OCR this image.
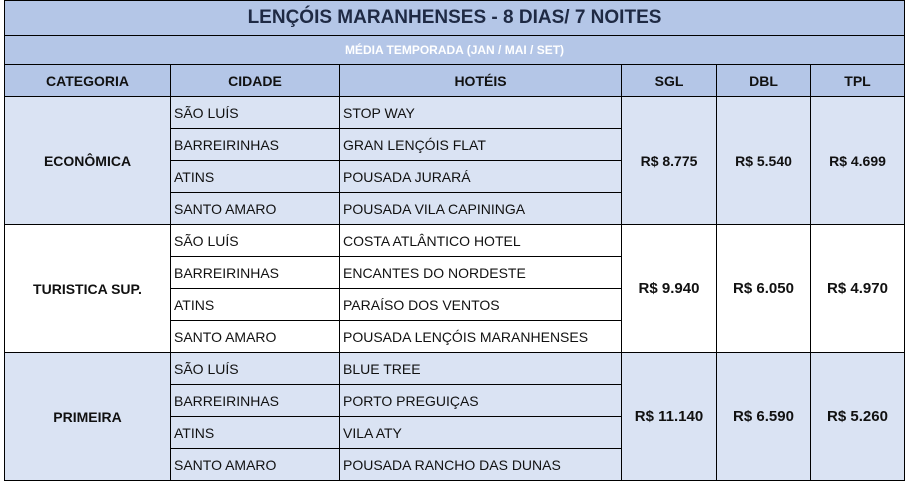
LENÇÓIS MARANHENSES - 8 DIAS/ 7 NOITES					
MÉDIA TEMPORADA (JAN / MAI / SET)					
CATEGORIA	CIDADE	HOTÉIS	SGL	DBL	TPL
ECONÔMICA	SÃO LUÍS	STOP WAY	R$ 8.775	R$ 5.540	R$ 4.699
	BARREIRINHAS	GRAN LENÇÓIS FLAT			
	ATINS	POUSADA JURARÁ			
	SANTO AMARO	POUSADA VILA CAPININGA			
TURISTICA SUP.	SÃO LUÍS	COSTA ATLÂNTICO HOTEL	R$ 9.940	R$ 6.050	R$ 4.970
	BARREIRINHAS	ENCANTES DO NORDESTE			
	ATINS	PARAÍSO DOS VENTOS			
	SANTO AMARO	POUSADA LENÇÓIS MARANHENSES			
PRIMEIRA	SÃO LUÍS	BLUE TREE	R$ 11.140	R$ 6.590	R$ 5.260
	BARREIRINHAS	PORTO PREGUIÇAS			
	ATINS	VILA ATY			
	SANTO AMARO	POUSADA RANCHO DAS DUNAS			
